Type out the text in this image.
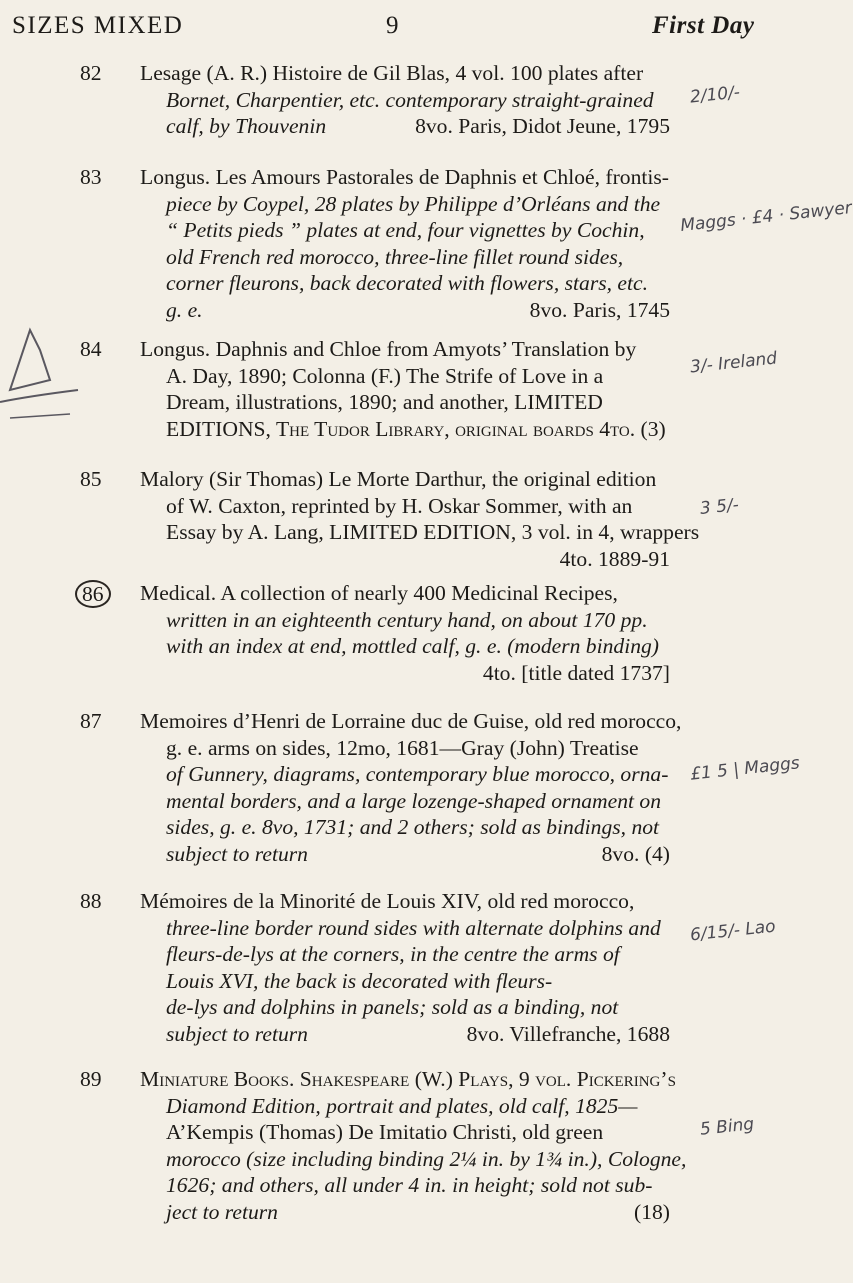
SIZES MIXED	9	First Day
82 Lesage (A. R.) Histoire de Gil Blas, 4 vol. 100 plates after
Bornet, Charpentier, etc. contemporary straight-grained
calf, by Thouvenin	8vo. Paris, Didot Jeune, 1795
2/10/-
83 Longus. Les Amours Pastorales de Daphnis et Chloé, frontis-
piece by Coypel, 28 plates by Philippe d’Orléans and the
“ Petits pieds ” plates at end, four vignettes by Cochin,
old French red morocco, three-line fillet round sides,
corner fleurons, back decorated with flowers, stars, etc.
g. e.	8vo. Paris, 1745
Maggs · £4 · Sawyer
84 Longus. Daphnis and Chloe from Amyots’ Translation by
A. Day, 1890; Colonna (F.) The Strife of Love in a
Dream, illustrations, 1890; and another, LIMITED
EDITIONS, The Tudor Library, original boards 4to. (3)
3/- Ireland
85 Malory (Sir Thomas) Le Morte Darthur, the original edition
of W. Caxton, reprinted by H. Oskar Sommer, with an
Essay by A. Lang, LIMITED EDITION, 3 vol. in 4, wrappers
4to. 1889-91
3 5/-
86	Medical. A collection of nearly 400 Medicinal Recipes,
written in an eighteenth century hand, on about 170 pp.
with an index at end, mottled calf, g. e. (modern binding)
4to. [title dated 1737]
87 Memoires d’Henri de Lorraine duc de Guise, old red morocco,
g. e. arms on sides, 12mo, 1681—Gray (John) Treatise
of Gunnery, diagrams, contemporary blue morocco, orna-
mental borders, and a large lozenge-shaped ornament on
sides, g. e. 8vo, 1731; and 2 others; sold as bindings, not
subject to return	8vo. (4)
£1 5 | Maggs
88 Mémoires de la Minorité de Louis XIV, old red morocco,
three-line border round sides with alternate dolphins and
fleurs-de-lys at the corners, in the centre the arms of
Louis XVI, the back is decorated with fleurs-
de-lys and dolphins in panels; sold as a binding, not
subject to return	8vo. Villefranche, 1688
6/15/- Lao
89 Miniature Books. Shakespeare (W.) Plays, 9 vol. Pickering’s
Diamond Edition, portrait and plates, old calf, 1825—
A’Kempis (Thomas) De Imitatio Christi, old green
morocco (size including binding 2¼ in. by 1¾ in.), Cologne,
1626; and others, all under 4 in. in height; sold not sub-
ject to return	(18)
5 Bing
